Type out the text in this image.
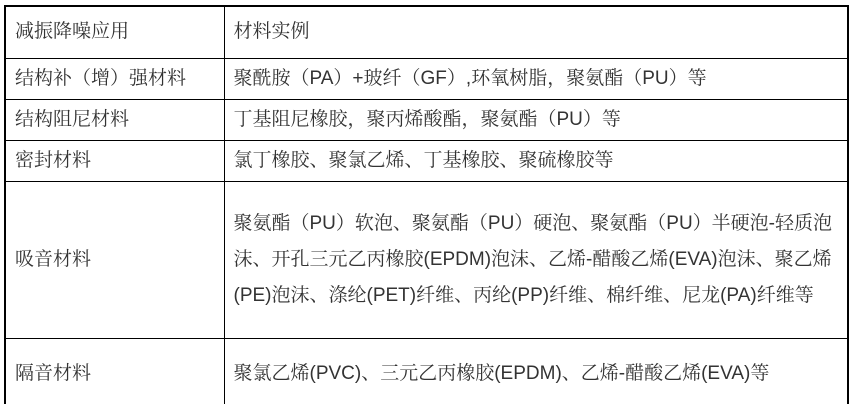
减振降噪应用	材料实例
结构补（增）强材料	聚酰胺（PA）+玻纤（GF）,环氧树脂，聚氨酯（PU）等
结构阻尼材料	丁基阻尼橡胶，聚丙烯酸酯，聚氨酯（PU）等
密封材料	氯丁橡胶、聚氯乙烯、丁基橡胶、聚硫橡胶等
吸音材料	聚氨酯（PU）软泡、聚氨酯（PU）硬泡、聚氨酯（PU）半硬泡-轻质泡沫、开孔三元乙丙橡胶(EPDM)泡沫、乙烯-醋酸乙烯(EVA)泡沫、聚乙烯(PE)泡沫、涤纶(PET)纤维、丙纶(PP)纤维、棉纤维、尼龙(PA)纤维等
隔音材料	聚氯乙烯(PVC)、三元乙丙橡胶(EPDM)、乙烯-醋酸乙烯(EVA)等
